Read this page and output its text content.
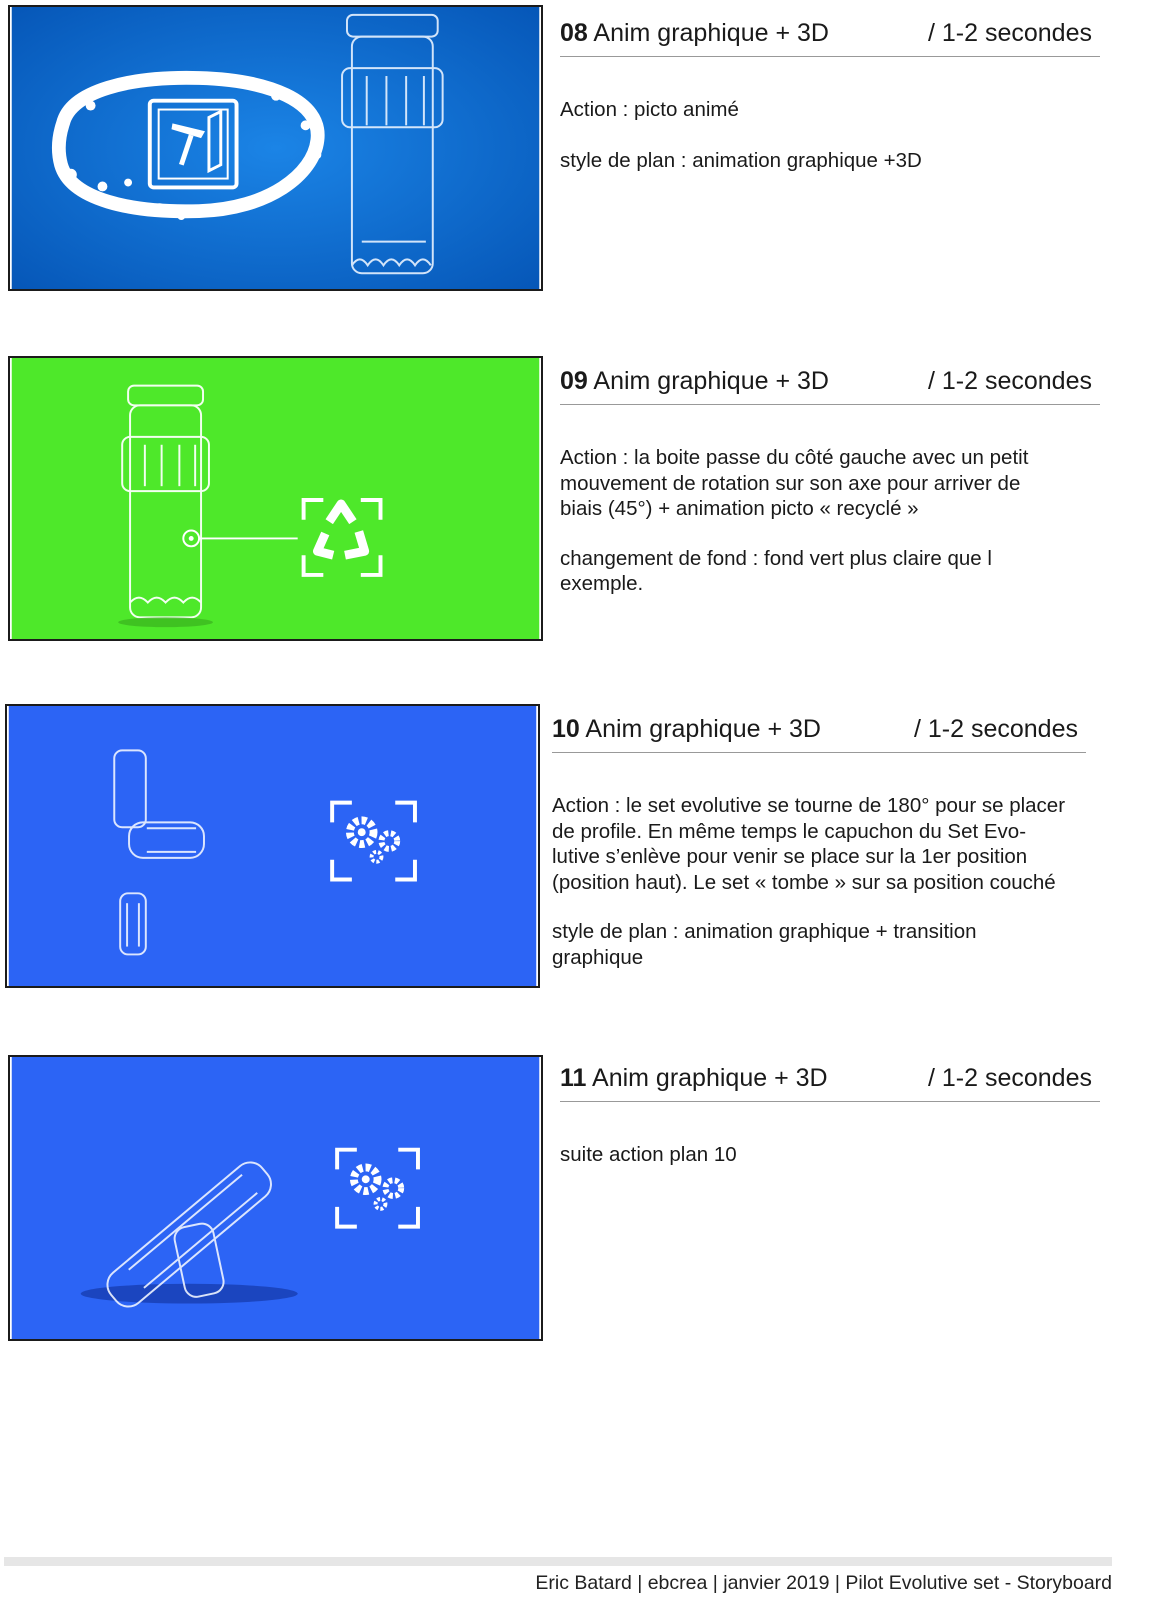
08 Anim graphique + 3D	/ 1-2 secondes

Action : picto animé

style de plan : animation graphique +3D

09 Anim graphique + 3D	/ 1-2 secondes

Action : la boite passe du côté gauche avec un petit
mouvement de rotation sur son axe pour arriver de
biais (45°) + animation picto « recyclé »

changement de fond : fond vert plus claire que l
exemple.

10 Anim graphique + 3D	/ 1-2 secondes

Action : le set evolutive se tourne de 180° pour se placer
de profile. En même temps le capuchon du Set Evo-
lutive s’enlève pour venir se place sur la 1er position
(position haut). Le set « tombe » sur sa position couché

style de plan : animation graphique + transition
graphique

11 Anim graphique + 3D	/ 1-2 secondes

suite action plan 10

Eric Batard | ebcrea | janvier 2019 | Pilot Evolutive set - Storyboard
